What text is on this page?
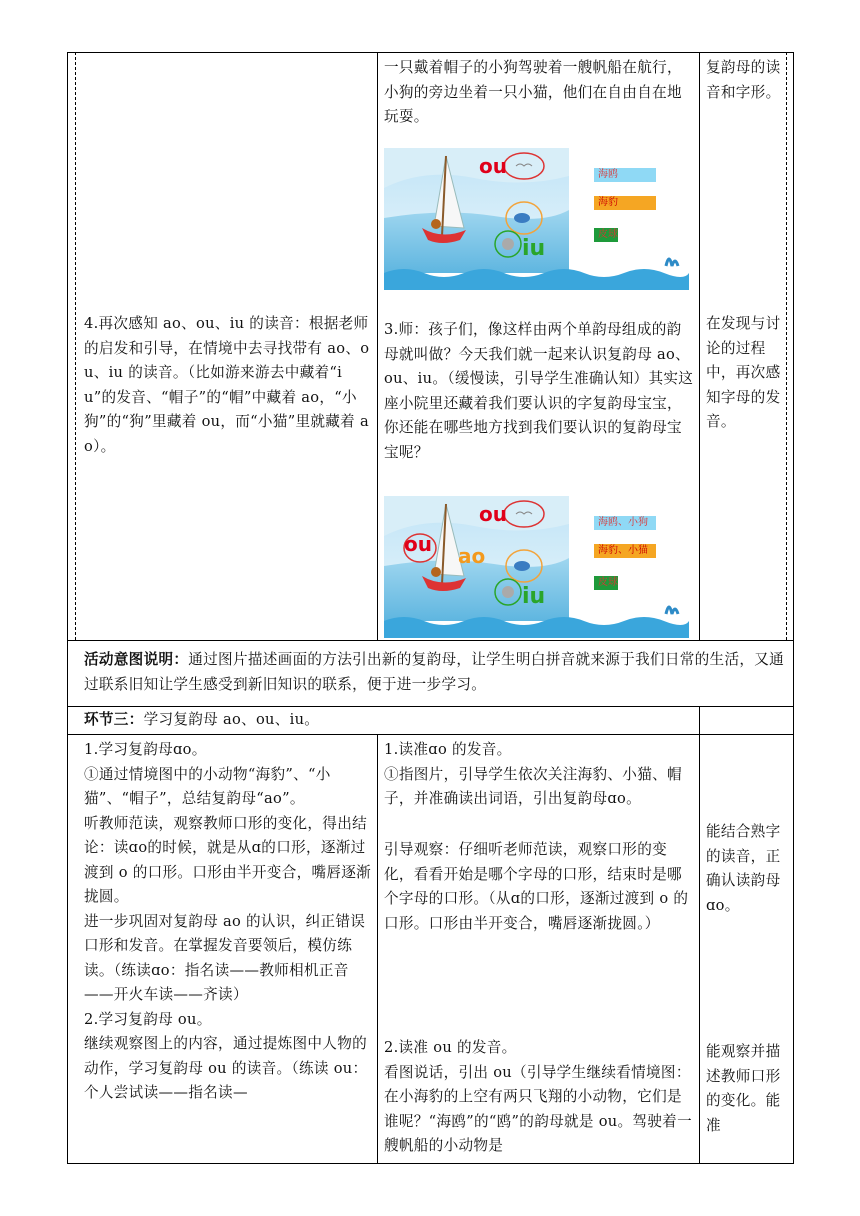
4.再次感知 ao、ou、iu 的读音：根据老师的启发和引导，在情境中去寻找带有 ao、ou、iu 的读音。（比如游来游去中藏着“iu”的发音、“帽子”的“帽”中藏着 ao，“小狗”的“狗”里藏着 ou，而“小猫”里就藏着 ao）。
一只戴着帽子的小狗驾驶着一艘帆船在航行，小狗的旁边坐着一只小猫，他们在自由自在地玩耍。
ou
iu
海鸥
海豹
皮球
3.师：孩子们，像这样由两个单韵母组成的韵母就叫做？今天我们就一起来认识复韵母 ao、ou、iu。（缓慢读，引导学生准确认知）其实这座小院里还藏着我们要认识的字复韵母宝宝，你还能在哪些地方找到我们要认识的复韵母宝宝呢？
ou
ou ao
iu
海鸥、小狗
海豹、小猫
皮球
复韵母的读音和字形。
在发现与讨论的过程中，再次感知字母的发音。
活动意图说明：通过图片描述画面的方法引出新的复韵母，让学生明白拼音就来源于我们日常的生活，又通过联系旧知让学生感受到新旧知识的联系，便于进一步学习。
环节三：学习复韵母 ao、ou、iu。
1.学习复韵母ɑo。
①通过情境图中的小动物“海豹”、“小猫”、“帽子”，总结复韵母“ao”。
听教师范读，观察教师口形的变化，得出结论：读ɑo的时候，就是从ɑ的口形，逐渐过渡到 o 的口形。口形由半开变合，嘴唇逐渐拢圆。
进一步巩固对复韵母 ao 的认识，纠正错误口形和发音。在掌握发音要领后，模仿练读。（练读ɑo：指名读——教师相机正音——开火车读——齐读）
2.学习复韵母 ou。
继续观察图上的内容，通过提炼图中人物的动作，学习复韵母 ou 的读音。（练读 ou：个人尝试读——指名读—
1.读准ɑo 的发音。
①指图片，引导学生依次关注海豹、小猫、帽子，并准确读出词语，引出复韵母ɑo。
引导观察：仔细听老师范读，观察口形的变化，看看开始是哪个字母的口形，结束时是哪个字母的口形。（从ɑ的口形，逐渐过渡到 o 的口形。口形由半开变合，嘴唇逐渐拢圆。）
2.读准 ou 的发音。
看图说话，引出 ou（引导学生继续看情境图：在小海豹的上空有两只飞翔的小动物，它们是谁呢？“海鸥”的“鸥”的韵母就是 ou。驾驶着一艘帆船的小动物是
能结合熟字的读音，正确认读韵母ɑo。
能观察并描述教师口形的变化。能准
